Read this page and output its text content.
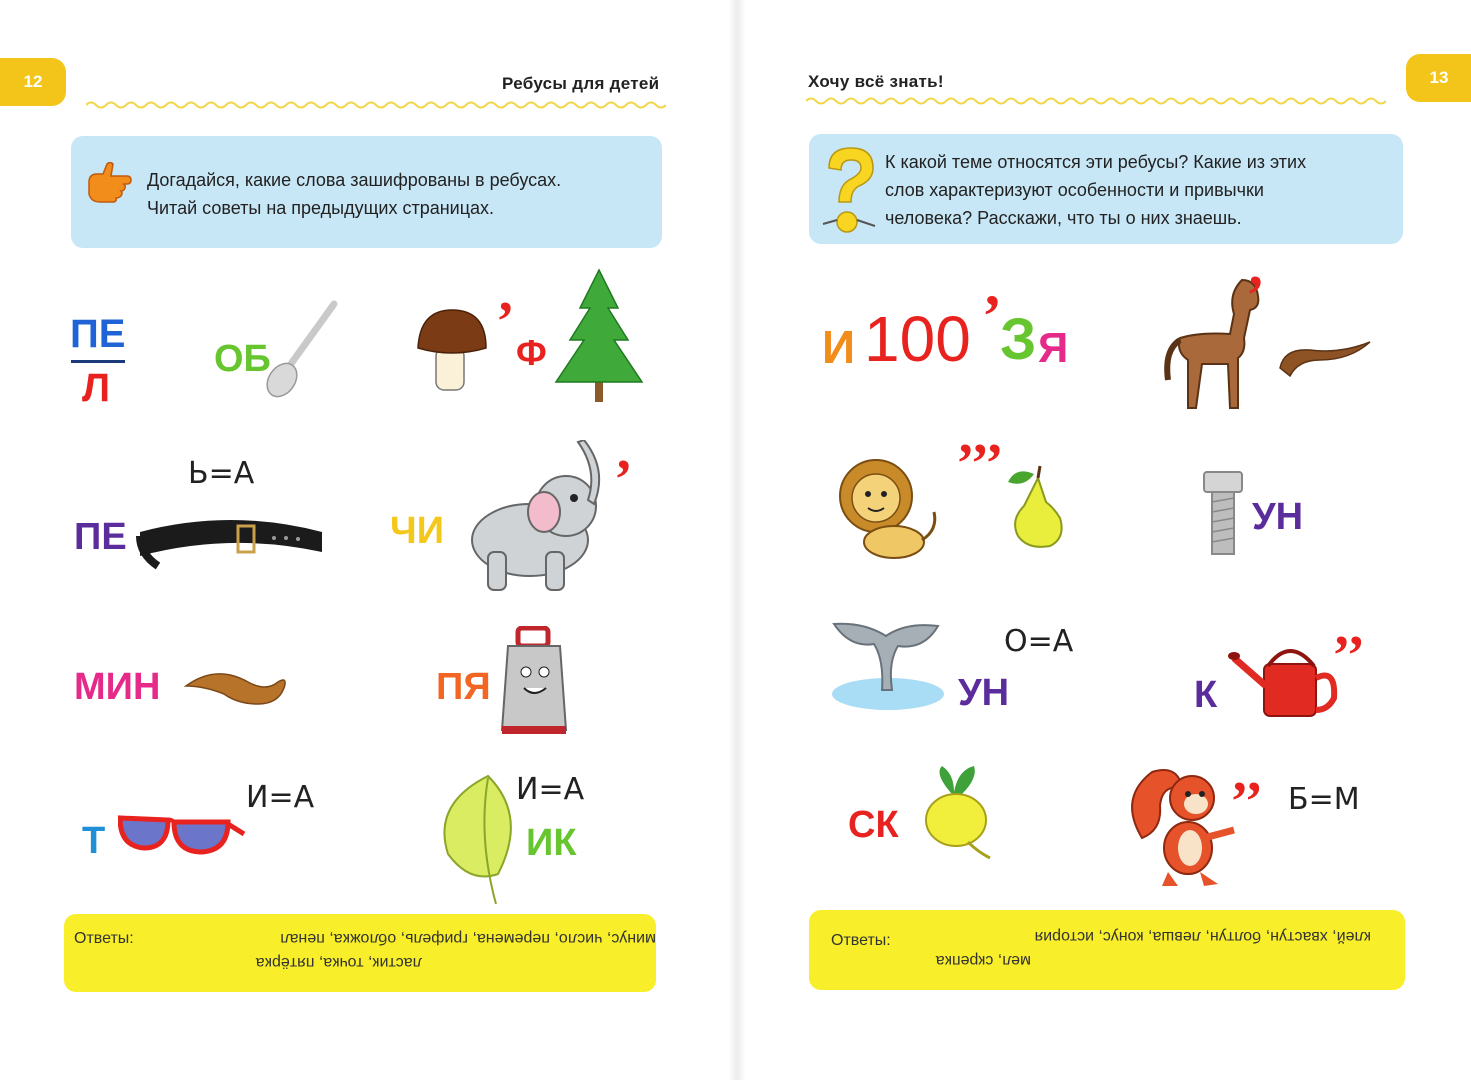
12	Ребусы для детей
Догадайся, какие слова зашифрованы в ребусах.
Читай советы на предыдущих страницах.
ПЕ
Л
ОБ
’ Ф
Ь=А
ПЕ	ЧИ
’
МИН	ПЯ
И=А
Т
И=А
ИК
Ответы:
ластик, точка, пятёрка
минус, число, перемена, грифель, обложка, пенал
13
Хочу всё знать!
К какой теме относятся эти ребусы? Какие из этих
слов характеризуют особенности и привычки
человека? Расскажи, что ты о них знаешь.
И 100 ’
З Я
’
’’’
УН
О=А
УН	К
’’
СК	’’ Б=М
Ответы:
мел, скрепка
клей, хвастун, болтун, левша, конус, история
